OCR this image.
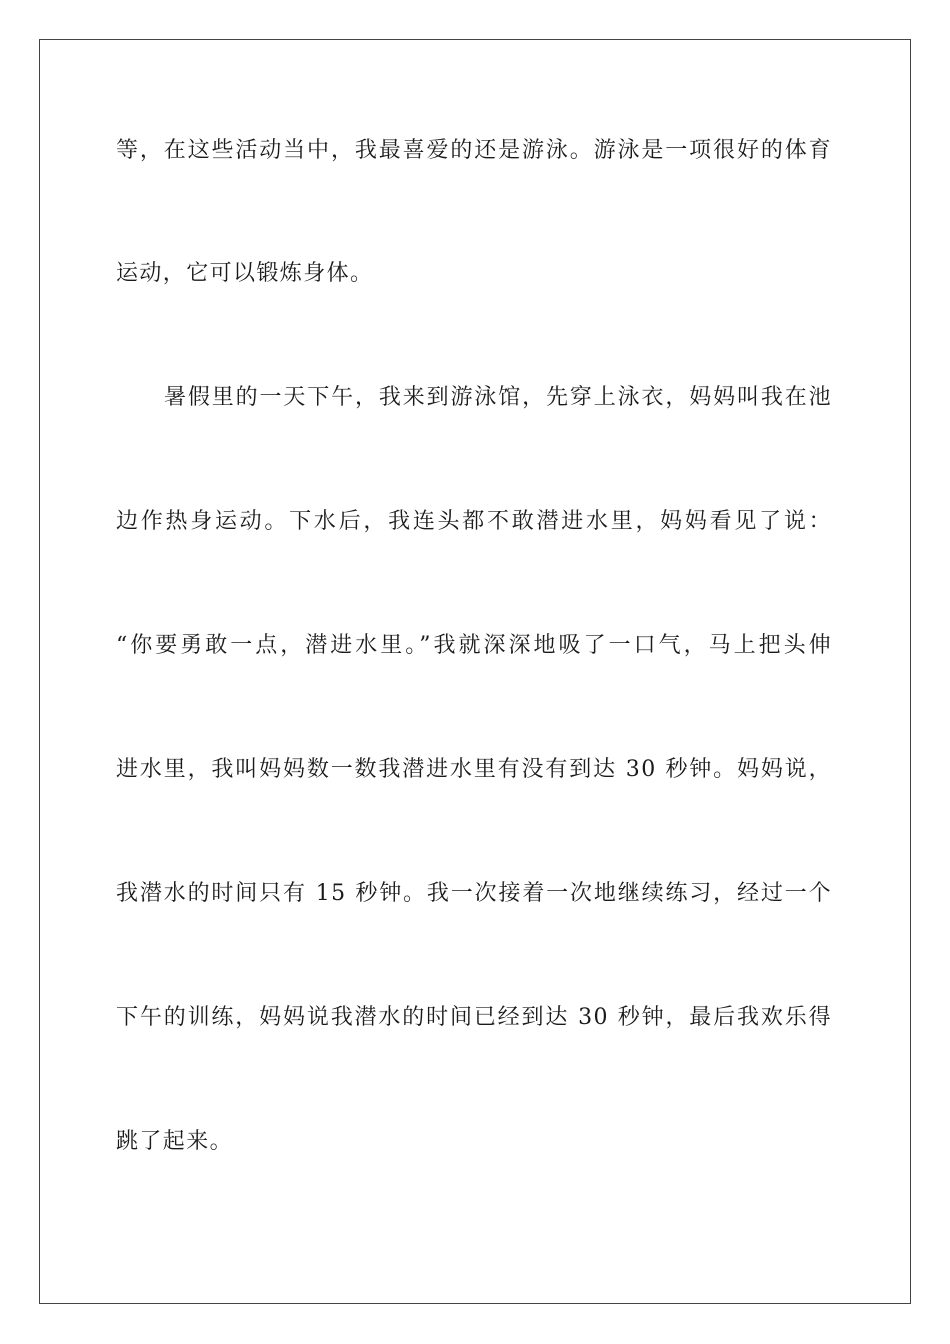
等，在这些活动当中，我最喜爱的还是游泳。游泳是一项很好的体育
运动，它可以锻炼身体。
暑假里的一天下午，我来到游泳馆，先穿上泳衣，妈妈叫我在池
边作热身运动。下水后，我连头都不敢潜进水里，妈妈看见了说：
“你要勇敢一点，潜进水里。”我就深深地吸了一口气，马上把头伸
进水里，我叫妈妈数一数我潜进水里有没有到达 30 秒钟。妈妈说，
我潜水的时间只有 15 秒钟。我一次接着一次地继续练习，经过一个
下午的训练，妈妈说我潜水的时间已经到达 30 秒钟，最后我欢乐得
跳了起来。
